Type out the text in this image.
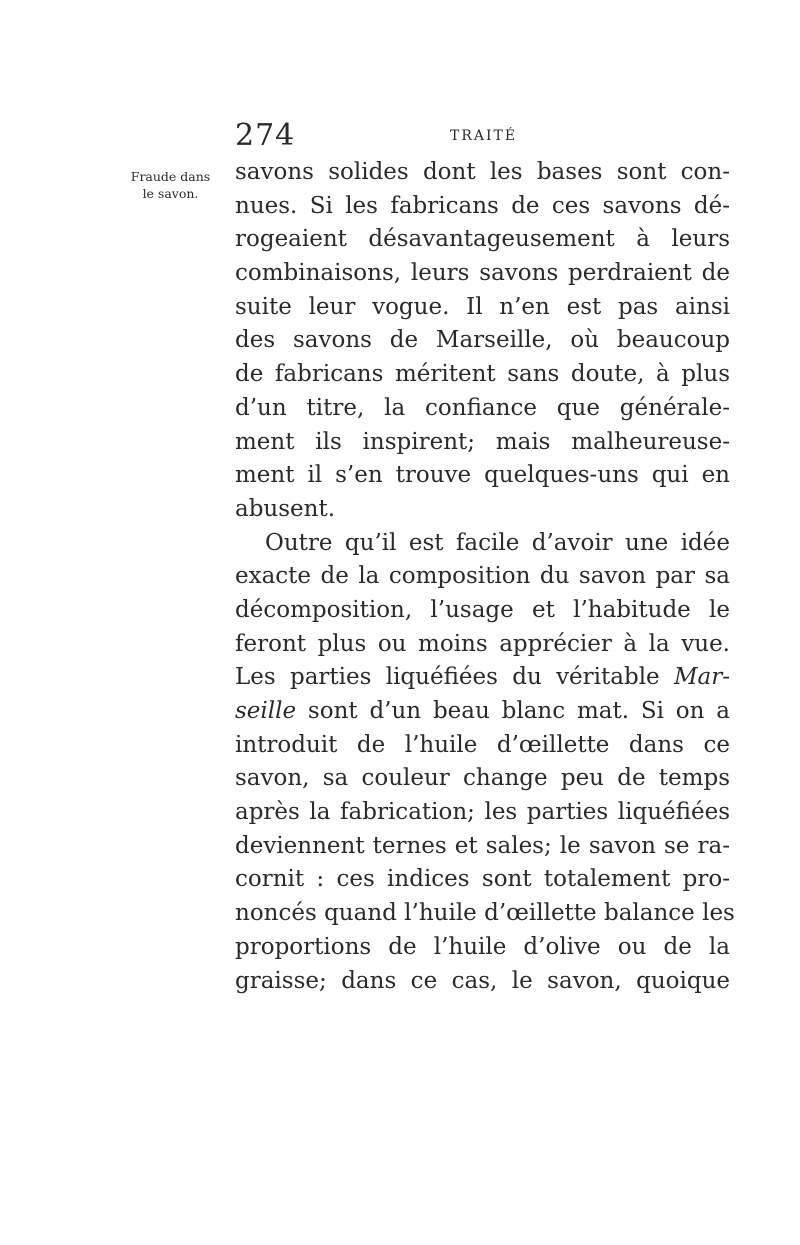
274	TRAITÉ
Fraude dans
le savon.
savons solides dont les bases sont con-
nues. Si les fabricans de ces savons dé-
rogeaient désavantageusement à leurs
combinaisons, leurs savons perdraient de
suite leur vogue. Il n’en est pas ainsi
des savons de Marseille, où beaucoup
de fabricans méritent sans doute, à plus
d’un titre, la confiance que générale-
ment ils inspirent; mais malheureuse-
ment il s’en trouve quelques-uns qui en
abusent.
Outre qu’il est facile d’avoir une idée
exacte de la composition du savon par sa
décomposition, l’usage et l’habitude le
feront plus ou moins apprécier à la vue.
Les parties liquéfiées du véritable Mar-
seille sont d’un beau blanc mat. Si on a
introduit de l’huile d’œillette dans ce
savon, sa couleur change peu de temps
après la fabrication; les parties liquéfiées
deviennent ternes et sales; le savon se ra-
cornit : ces indices sont totalement pro-
noncés quand l’huile d’œillette balance les
proportions de l’huile d’olive ou de la
graisse; dans ce cas, le savon, quoique
